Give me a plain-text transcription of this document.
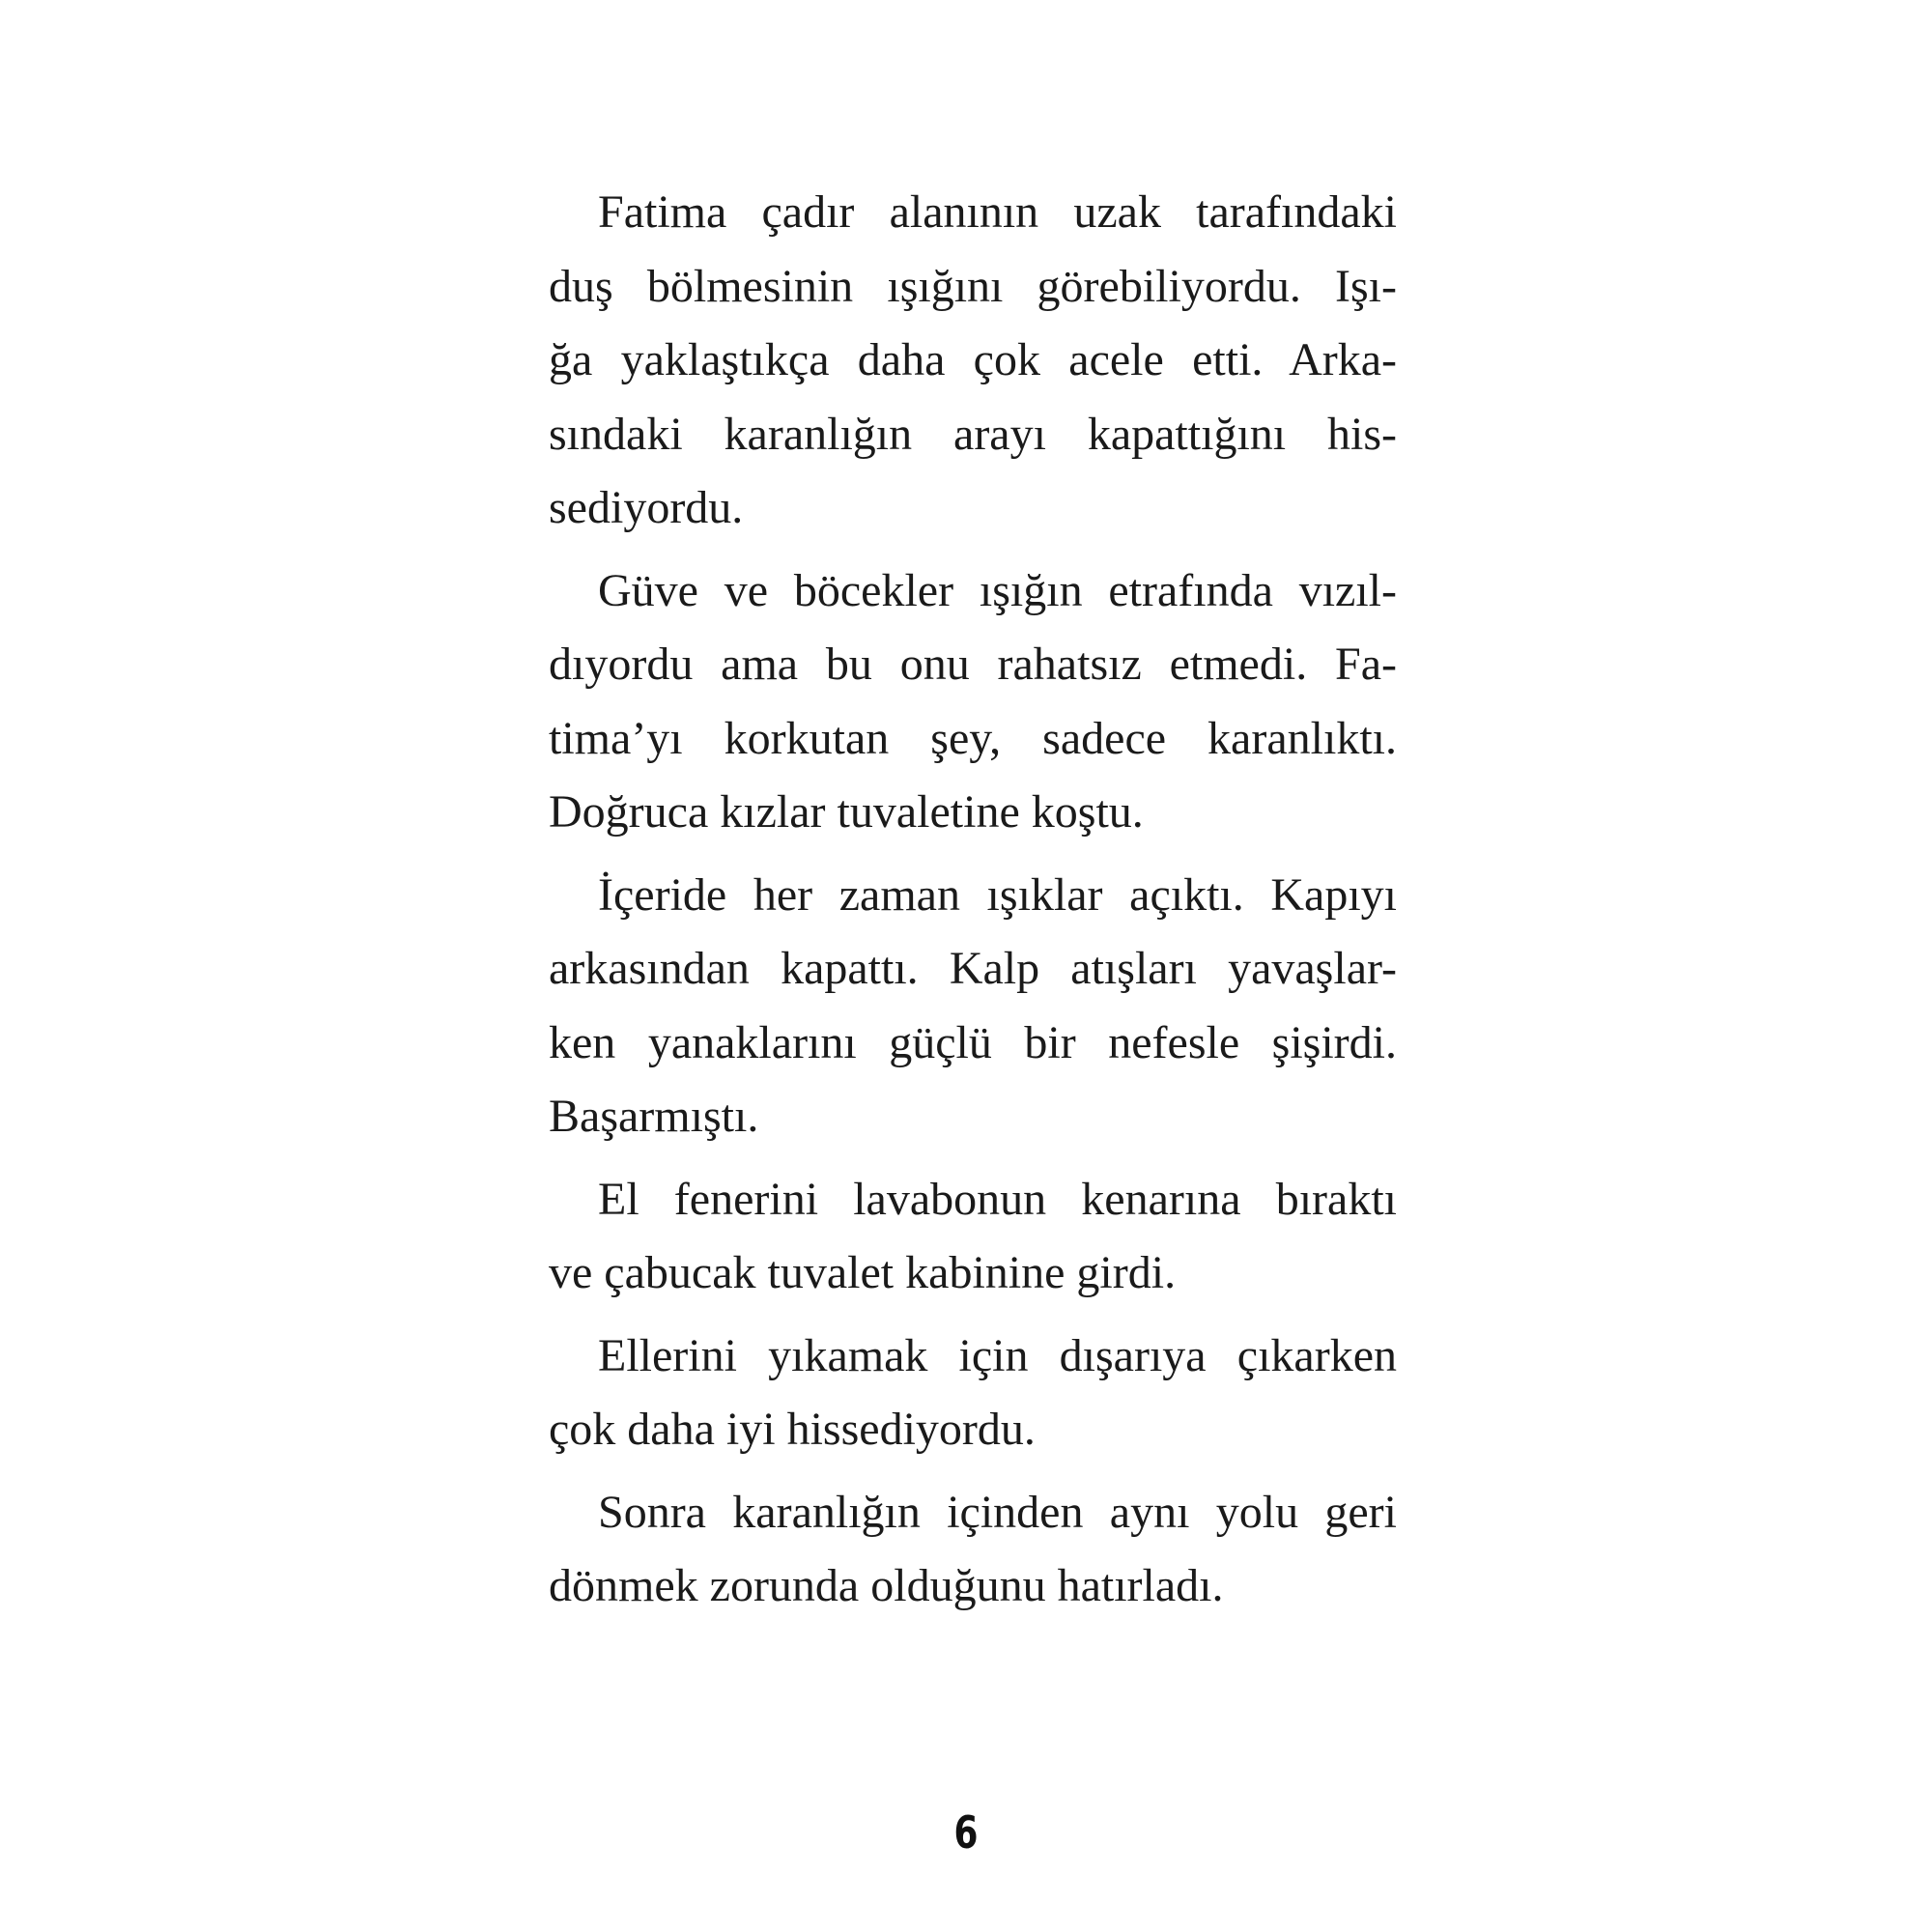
Fatima çadır alanının uzak tarafındaki
duş bölmesinin ışığını görebiliyordu. Işı-
ğa yaklaştıkça daha çok acele etti. Arka-
sındaki karanlığın arayı kapattığını his-
sediyordu.
Güve ve böcekler ışığın etrafında vızıl-
dıyordu ama bu onu rahatsız etmedi. Fa-
tima’yı korkutan şey, sadece karanlıktı.
Doğruca kızlar tuvaletine koştu.
İçeride her zaman ışıklar açıktı. Kapıyı
arkasından kapattı. Kalp atışları yavaşlar-
ken yanaklarını güçlü bir nefesle şişirdi.
Başarmıştı.
El fenerini lavabonun kenarına bıraktı
ve çabucak tuvalet kabinine girdi.
Ellerini yıkamak için dışarıya çıkarken
çok daha iyi hissediyordu.
Sonra karanlığın içinden aynı yolu geri
dönmek zorunda olduğunu hatırladı.
6
